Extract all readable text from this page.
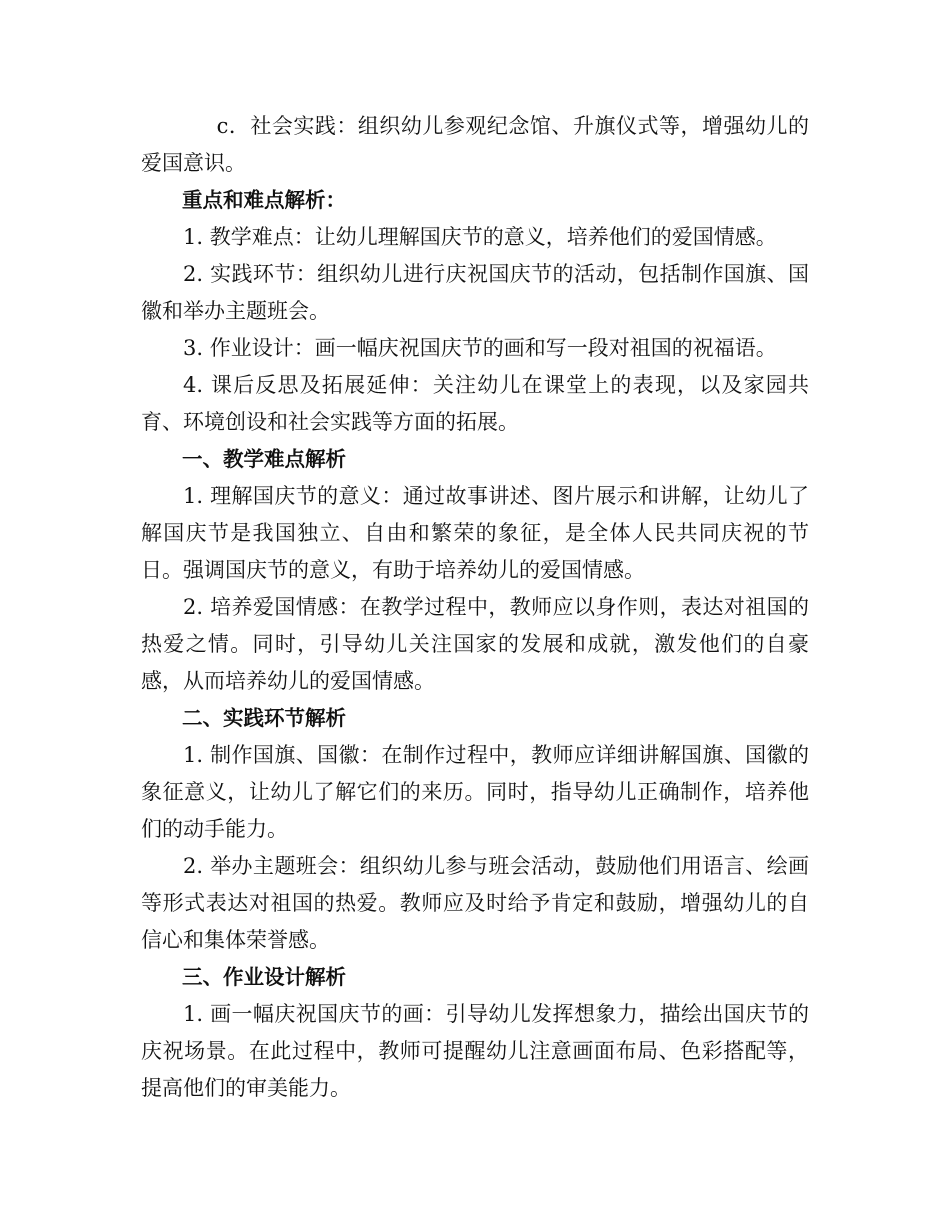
c．社会实践：组织幼儿参观纪念馆、升旗仪式等，增强幼儿的爱国意识。

重点和难点解析：

1. 教学难点：让幼儿理解国庆节的意义，培养他们的爱国情感。

2. 实践环节：组织幼儿进行庆祝国庆节的活动，包括制作国旗、国徽和举办主题班会。

3. 作业设计：画一幅庆祝国庆节的画和写一段对祖国的祝福语。

4. 课后反思及拓展延伸：关注幼儿在课堂上的表现，以及家园共育、环境创设和社会实践等方面的拓展。

一、教学难点解析

1. 理解国庆节的意义：通过故事讲述、图片展示和讲解，让幼儿了解国庆节是我国独立、自由和繁荣的象征，是全体人民共同庆祝的节日。强调国庆节的意义，有助于培养幼儿的爱国情感。

2. 培养爱国情感：在教学过程中，教师应以身作则，表达对祖国的热爱之情。同时，引导幼儿关注国家的发展和成就，激发他们的自豪感，从而培养幼儿的爱国情感。

二、实践环节解析

1. 制作国旗、国徽：在制作过程中，教师应详细讲解国旗、国徽的象征意义，让幼儿了解它们的来历。同时，指导幼儿正确制作，培养他们的动手能力。

2. 举办主题班会：组织幼儿参与班会活动，鼓励他们用语言、绘画等形式表达对祖国的热爱。教师应及时给予肯定和鼓励，增强幼儿的自信心和集体荣誉感。

三、作业设计解析

1. 画一幅庆祝国庆节的画：引导幼儿发挥想象力，描绘出国庆节的庆祝场景。在此过程中，教师可提醒幼儿注意画面布局、色彩搭配等，提高他们的审美能力。
